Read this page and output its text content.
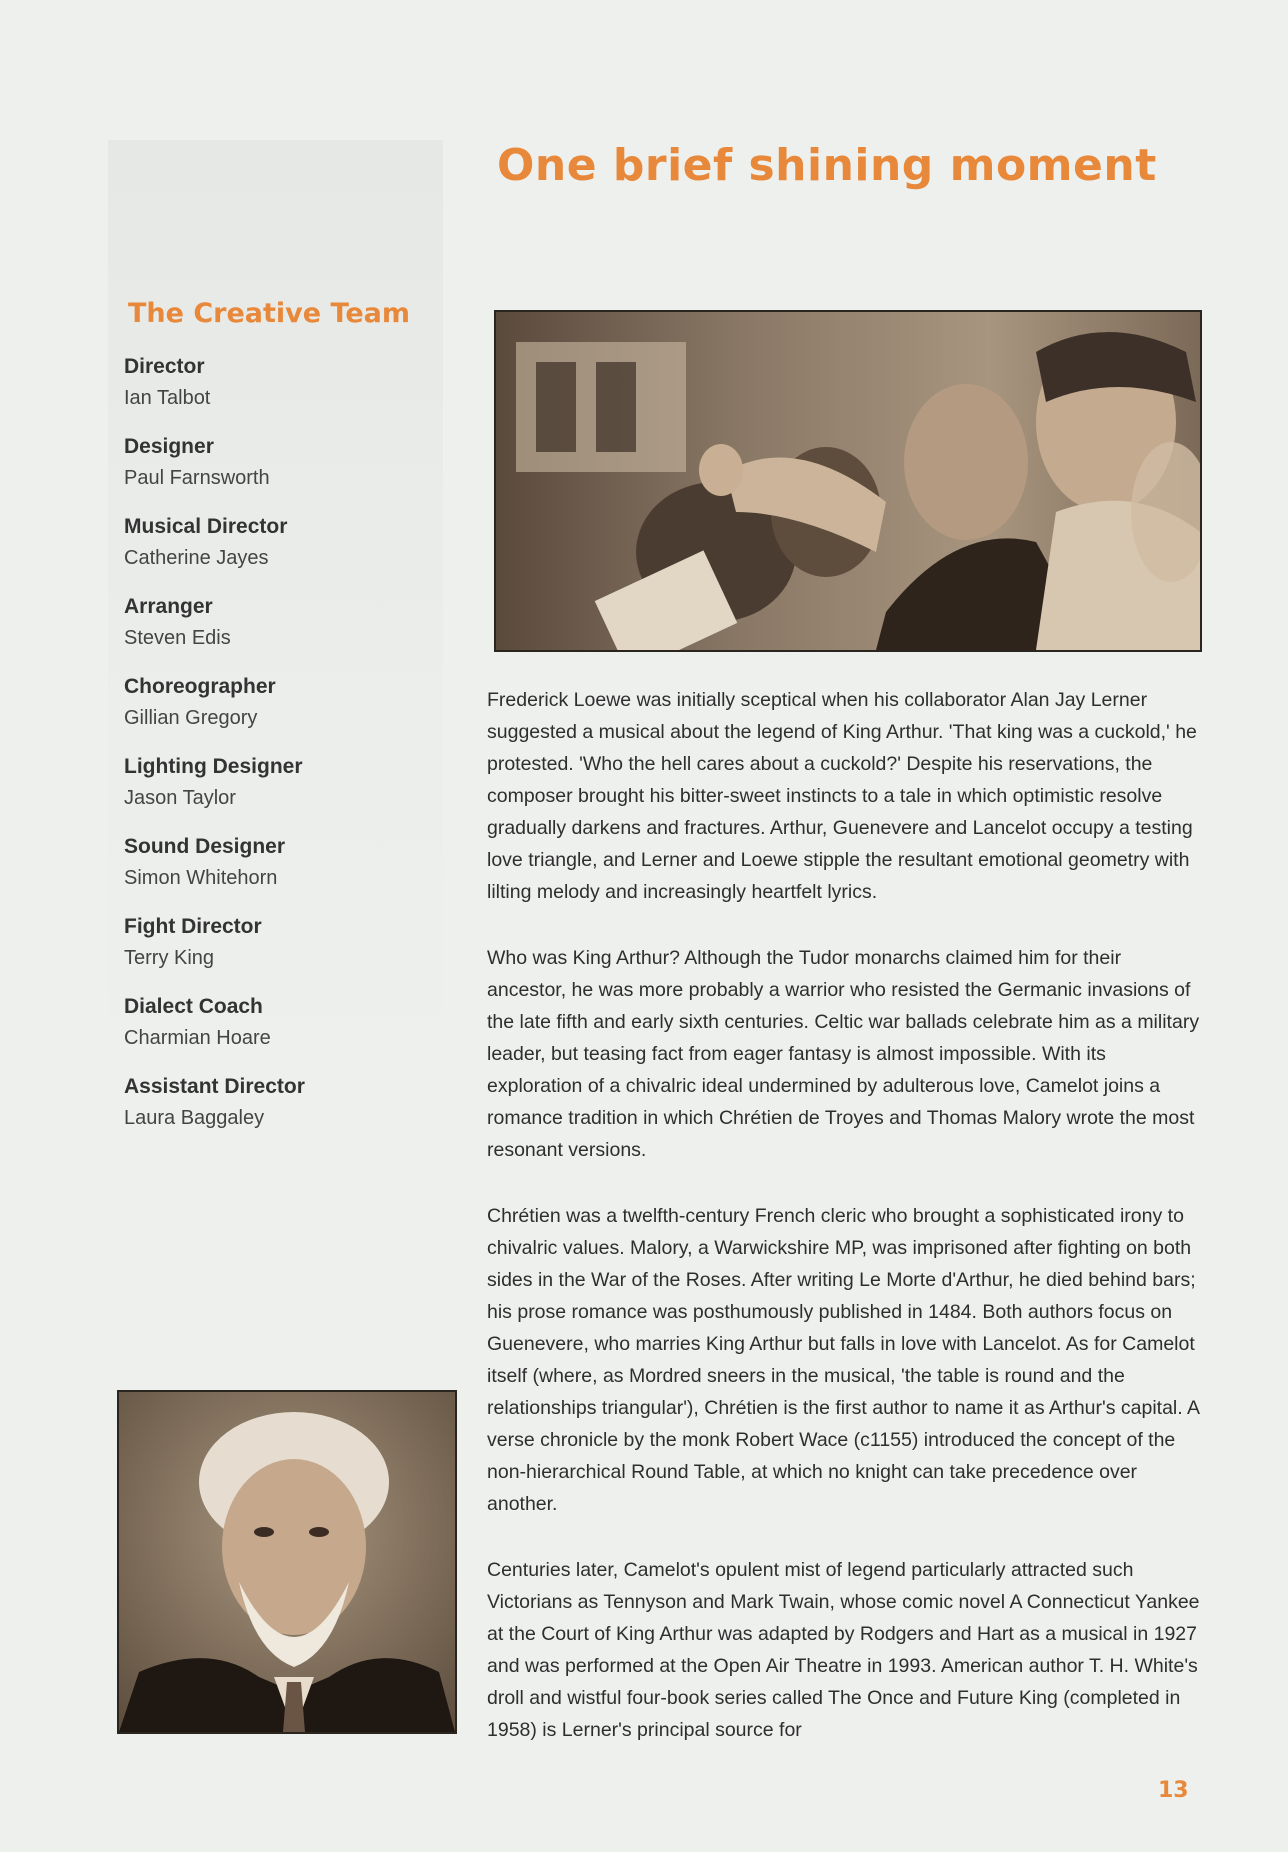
One brief shining moment
The Creative Team
Director
Ian Talbot
Designer
Paul Farnsworth
Musical Director
Catherine Jayes
Arranger
Steven Edis
Choreographer
Gillian Gregory
Lighting Designer
Jason Taylor
Sound Designer
Simon Whitehorn
Fight Director
Terry King
Dialect Coach
Charmian Hoare
Assistant Director
Laura Baggaley

Frederick Loewe was initially sceptical when his collaborator Alan Jay Lerner suggested a musical about the legend of King Arthur. 'That king was a cuckold,' he protested. 'Who the hell cares about a cuckold?' Despite his reservations, the composer brought his bitter-sweet instincts to a tale in which optimistic resolve gradually darkens and fractures. Arthur, Guenevere and Lancelot occupy a testing love triangle, and Lerner and Loewe stipple the resultant emotional geometry with lilting melody and increasingly heartfelt lyrics.

Who was King Arthur? Although the Tudor monarchs claimed him for their ancestor, he was more probably a warrior who resisted the Germanic invasions of the late fifth and early sixth centuries. Celtic war ballads celebrate him as a military leader, but teasing fact from eager fantasy is almost impossible. With its exploration of a chivalric ideal undermined by adulterous love, Camelot joins a romance tradition in which Chrétien de Troyes and Thomas Malory wrote the most resonant versions.

Chrétien was a twelfth-century French cleric who brought a sophisticated irony to chivalric values. Malory, a Warwickshire MP, was imprisoned after fighting on both sides in the War of the Roses. After writing Le Morte d'Arthur, he died behind bars; his prose romance was posthumously published in 1484. Both authors focus on Guenevere, who marries King Arthur but falls in love with Lancelot. As for Camelot itself (where, as Mordred sneers in the musical, 'the table is round and the relationships triangular'), Chrétien is the first author to name it as Arthur's capital. A verse chronicle by the monk Robert Wace (c1155) introduced the concept of the non-hierarchical Round Table, at which no knight can take precedence over another.

Centuries later, Camelot's opulent mist of legend particularly attracted such Victorians as Tennyson and Mark Twain, whose comic novel A Connecticut Yankee at the Court of King Arthur was adapted by Rodgers and Hart as a musical in 1927 and was performed at the Open Air Theatre in 1993. American author T. H. White's droll and wistful four-book series called The Once and Future King (completed in 1958) is Lerner's principal source for

13
